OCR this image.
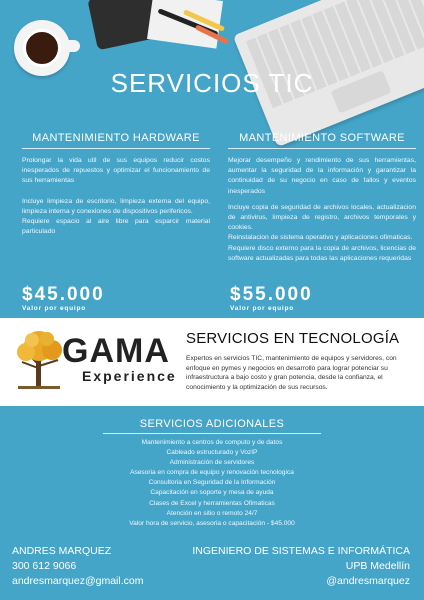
SERVICIOS TIC
MANTENIMIENTO HARDWARE

Prolongar la vida util de sus equipos reducir costos inesperados de repuestos y optimizar el funcionamiento de sus herramientas

Incluye limpieza de escritorio, limpieza externa del equipo, limpieza interna y conexiones de dispositivos perifericos.

Requiere espacio al aire libre para esparcir material particulado

$45.000
Valor por equipo
MANTENIMIENTO SOFTWARE

Mejorar desempeño y rendimiento de sus herramientas, aumentar la seguridad de la información y garantizar la continuidad de su negocio en caso de fallos y eventos inesperados

Incluye copia de seguridad de archivos locales, actualizacion de antivirus, limpieza de registro, archivos temporales y cookies.

Reinstalacion de sistema operativo y aplicaciones ofimaticas.

Requiere disco externo para la copia de archivos, licencias de software actualizadas para todas las aplicaciones requeridas

$55.000
Valor por equipo
GAMA
Experience
SERVICIOS EN TECNOLOGÍA
Expertos en servicios TIC, mantenimiento de equipos y servidores, con enfoque en pymes y negocios en desarrollo para lograr potenciar su infraestructura a bajo costo y gran potencia, desde la confianza, el conocimiento y la optimización de sus recursos.
SERVICIOS ADICIONALES
Mantenimiento a centros de computo y de datos
Cableado estructurado y VozIP
Administración de servidores
Asesoria en compra de equipo y renovación tecnologica
Consultoria en Seguridad de la Información
Capacitación en soporte y mesa de ayuda
Clases de Excel y herramientas Ofimaticas
Atención en sitio o remoto 24/7
Valor hora de servicio, asesoria o capacitación - $45.000
ANDRES MARQUEZ
300 612 9066
andresmarquez@gmail.com
INGENIERO DE SISTEMAS E INFORMÁTICA
UPB Medellín
@andresmarquez
